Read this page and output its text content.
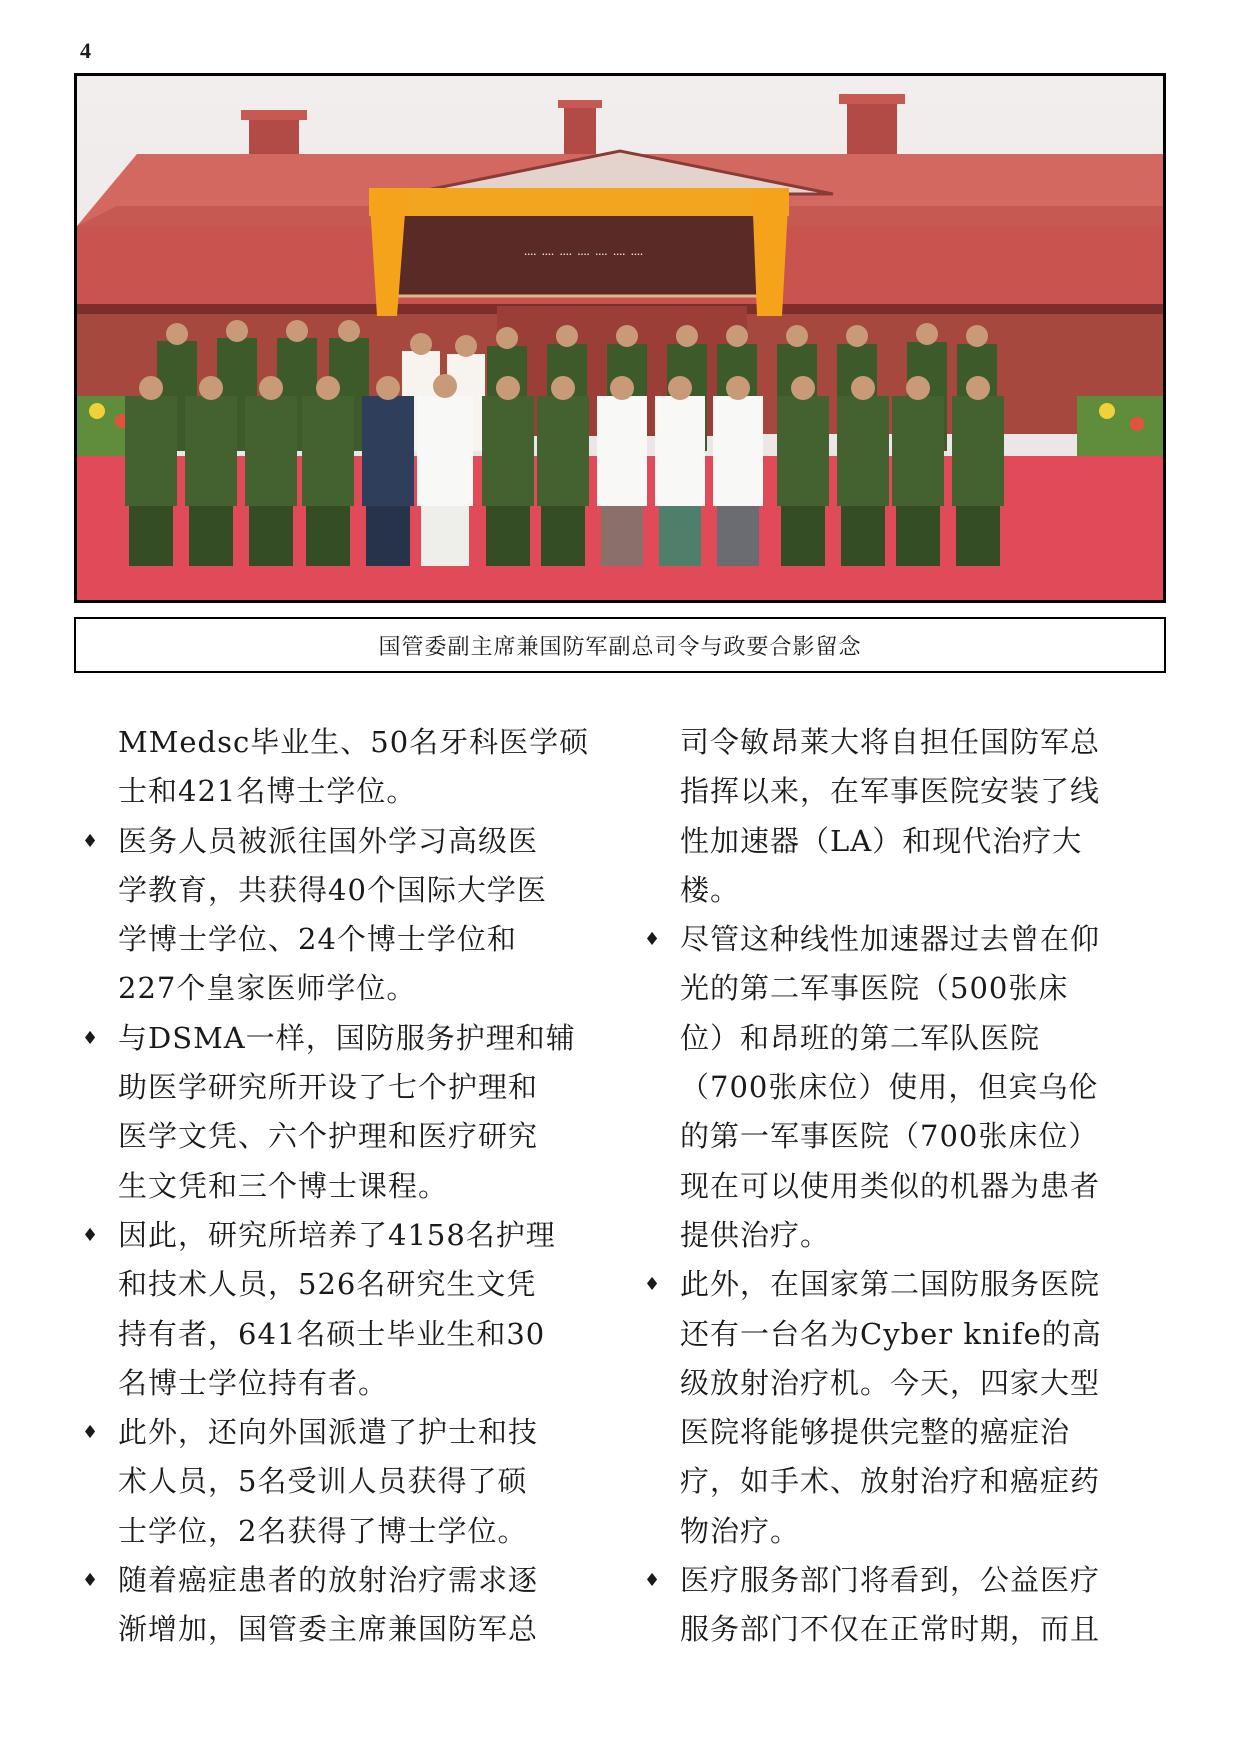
4
᠁ ᠁ ᠁ ᠁ ᠁ ᠁ ᠁
国管委副主席兼国防军副总司令与政要合影留念

MMedsc毕业生、50名牙科医学硕
士和421名博士学位。

♦ 医务人员被派往国外学习高级医
学教育，共获得40个国际大学医
学博士学位、24个博士学位和
227个皇家医师学位。

♦ 与DSMA一样，国防服务护理和辅
助医学研究所开设了七个护理和
医学文凭、六个护理和医疗研究
生文凭和三个博士课程。

♦ 因此，研究所培养了4158名护理
和技术人员，526名研究生文凭
持有者，641名硕士毕业生和30
名博士学位持有者。

♦ 此外，还向外国派遣了护士和技
术人员，5名受训人员获得了硕
士学位，2名获得了博士学位。

♦ 随着癌症患者的放射治疗需求逐
渐增加，国管委主席兼国防军总

司令敏昂莱大将自担任国防军总
指挥以来，在军事医院安装了线
性加速器（LA）和现代治疗大
楼。

♦ 尽管这种线性加速器过去曾在仰
光的第二军事医院（500张床
位）和昂班的第二军队医院
（700张床位）使用，但宾乌伦
的第一军事医院（700张床位）
现在可以使用类似的机器为患者
提供治疗。

♦ 此外，在国家第二国防服务医院
还有一台名为Cyber knife的高
级放射治疗机。今天，四家大型
医院将能够提供完整的癌症治
疗，如手术、放射治疗和癌症药
物治疗。

♦ 医疗服务部门将看到，公益医疗
服务部门不仅在正常时期，而且
